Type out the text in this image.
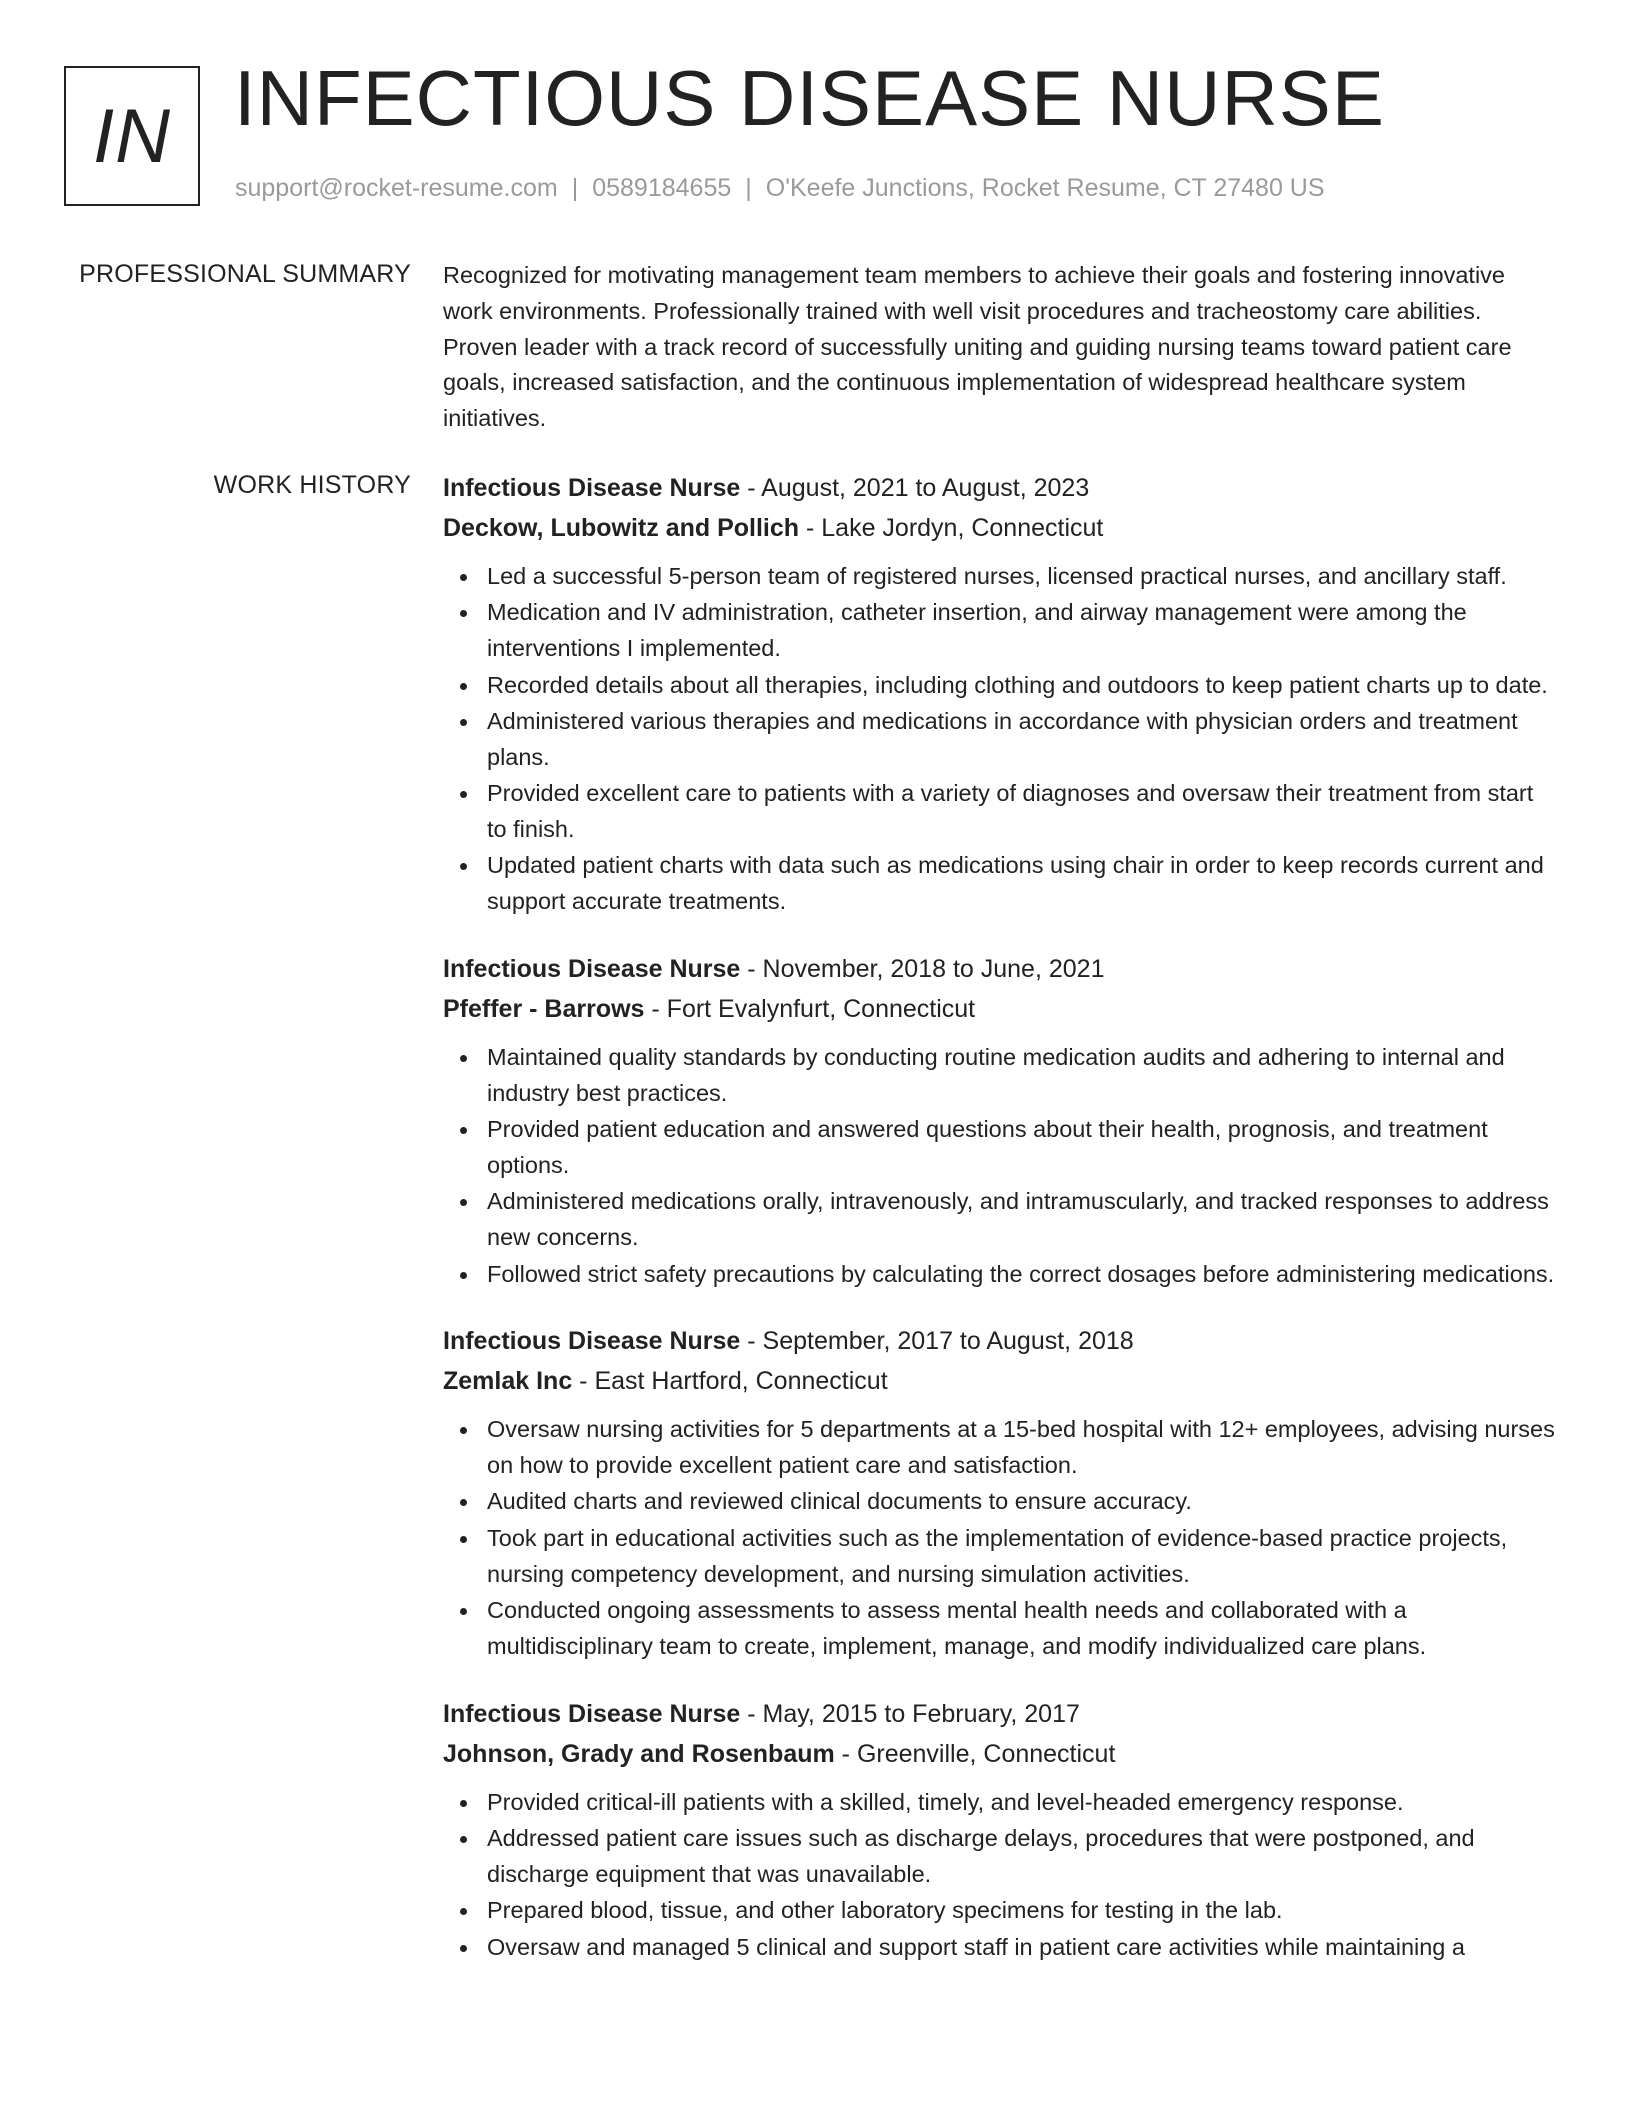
IN INFECTIOUS DISEASE NURSE
support@rocket-resume.com | 0589184655 | O'Keefe Junctions, Rocket Resume, CT 27480 US
PROFESSIONAL SUMMARY Recognized for motivating management team members to achieve their goals and fostering innovative work environments. Professionally trained with well visit procedures and tracheostomy care abilities. Proven leader with a track record of successfully uniting and guiding nursing teams toward patient care goals, increased satisfaction, and the continuous implementation of widespread healthcare system initiatives.
WORK HISTORY Infectious Disease Nurse - August, 2021 to August, 2023
Deckow, Lubowitz and Pollich - Lake Jordyn, Connecticut
Led a successful 5-person team of registered nurses, licensed practical nurses, and ancillary staff.
Medication and IV administration, catheter insertion, and airway management were among the interventions I implemented.
Recorded details about all therapies, including clothing and outdoors to keep patient charts up to date.
Administered various therapies and medications in accordance with physician orders and treatment plans.
Provided excellent care to patients with a variety of diagnoses and oversaw their treatment from start to finish.
Updated patient charts with data such as medications using chair in order to keep records current and support accurate treatments.
Infectious Disease Nurse - November, 2018 to June, 2021
Pfeffer - Barrows - Fort Evalynfurt, Connecticut
Maintained quality standards by conducting routine medication audits and adhering to internal and industry best practices.
Provided patient education and answered questions about their health, prognosis, and treatment options.
Administered medications orally, intravenously, and intramuscularly, and tracked responses to address new concerns.
Followed strict safety precautions by calculating the correct dosages before administering medications.
Infectious Disease Nurse - September, 2017 to August, 2018
Zemlak Inc - East Hartford, Connecticut
Oversaw nursing activities for 5 departments at a 15-bed hospital with 12+ employees, advising nurses on how to provide excellent patient care and satisfaction.
Audited charts and reviewed clinical documents to ensure accuracy.
Took part in educational activities such as the implementation of evidence-based practice projects, nursing competency development, and nursing simulation activities.
Conducted ongoing assessments to assess mental health needs and collaborated with a multidisciplinary team to create, implement, manage, and modify individualized care plans.
Infectious Disease Nurse - May, 2015 to February, 2017
Johnson, Grady and Rosenbaum - Greenville, Connecticut
Provided critical-ill patients with a skilled, timely, and level-headed emergency response.
Addressed patient care issues such as discharge delays, procedures that were postponed, and discharge equipment that was unavailable.
Prepared blood, tissue, and other laboratory specimens for testing in the lab.
Oversaw and managed 5 clinical and support staff in patient care activities while maintaining a
